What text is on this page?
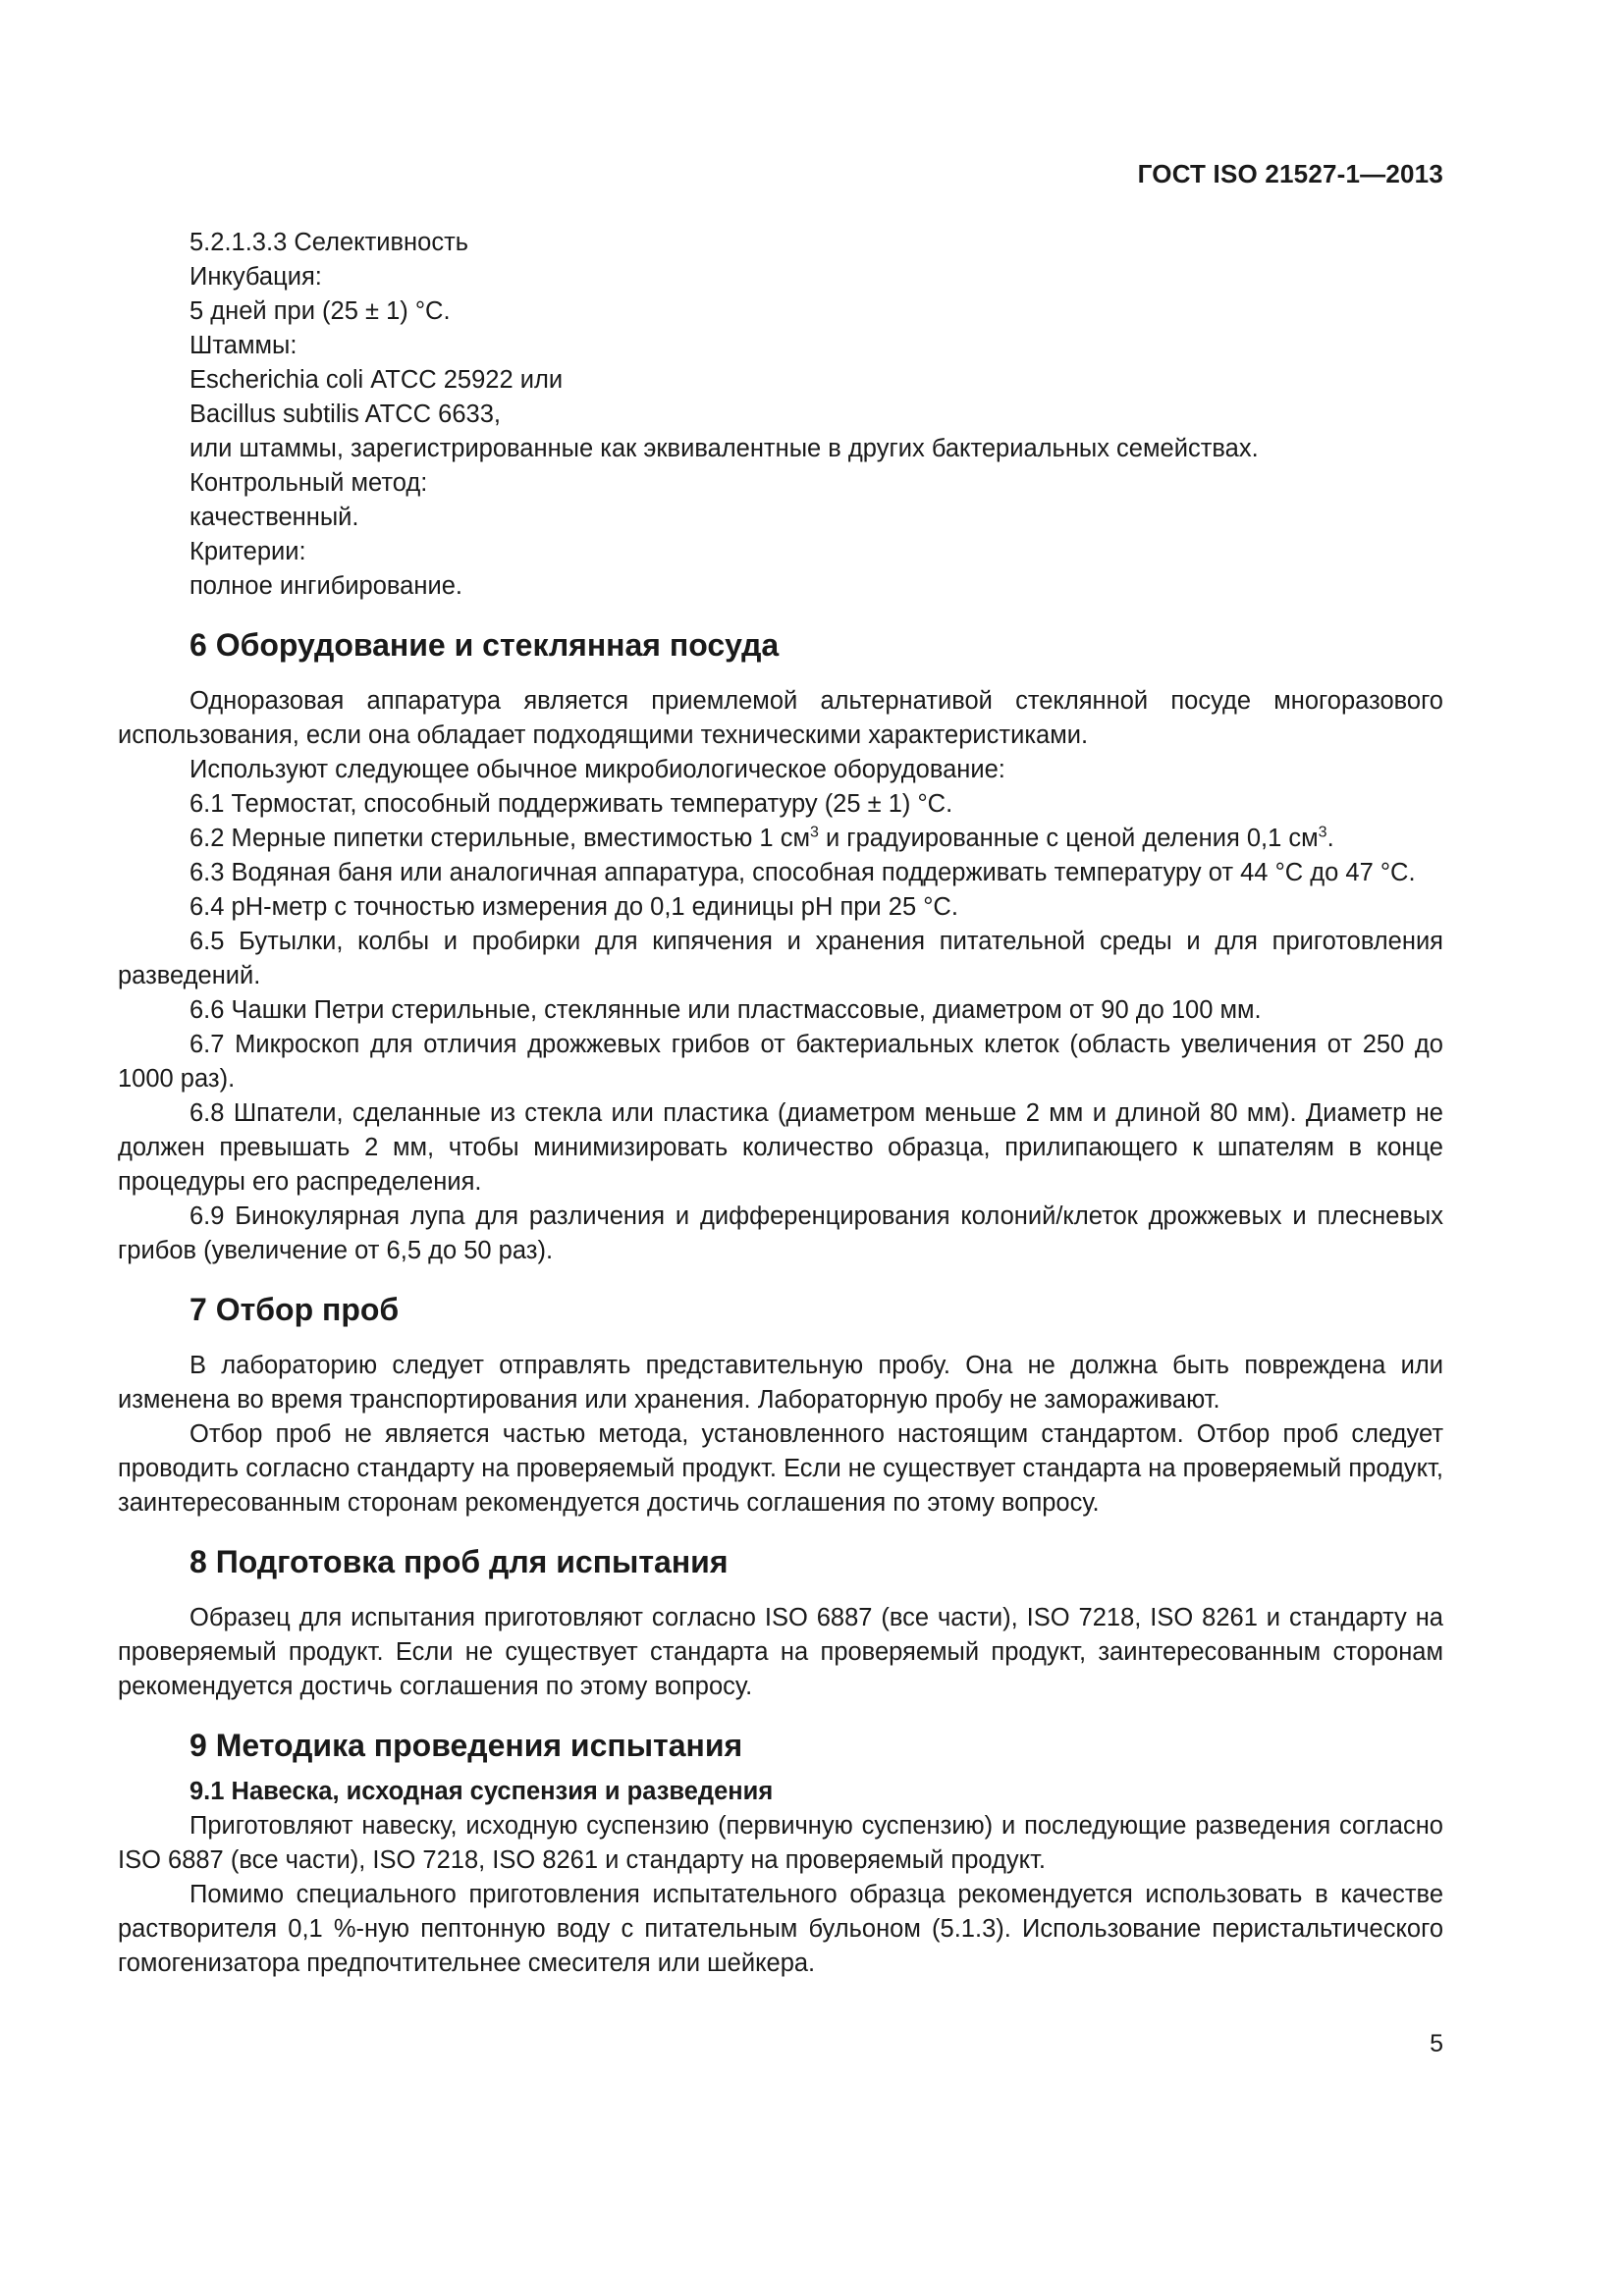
ГОСТ ISO 21527-1—2013

5.2.1.3.3 Селективность

Инкубация:

5 дней при (25 ± 1) °С.

Штаммы:

Escherichia coli АТСС 25922 или

Bacillus subtilis ATCC 6633,

или штаммы, зарегистрированные как эквивалентные в других бактериальных семействах.

Контрольный метод:

качественный.

Критерии:

полное ингибирование.

6 Оборудование и стеклянная посуда

Одноразовая аппаратура является приемлемой альтернативой стеклянной посуде многоразового использования, если она обладает подходящими техническими характеристиками.

Используют следующее обычное микробиологическое оборудование:

6.1 Термостат, способный поддерживать температуру (25 ± 1) °С.

6.2 Мерные пипетки стерильные, вместимостью 1 $см^3$ и градуированные с ценой деления 0,1 $см^3$.

6.3 Водяная баня или аналогичная аппаратура, способная поддерживать температуру от 44 °С до 47 °С.

6.4 рН-метр с точностью измерения до 0,1 единицы рН при 25 °С.

6.5 Бутылки, колбы и пробирки для кипячения и хранения питательной среды и для приготовления разведений.

6.6 Чашки Петри стерильные, стеклянные или пластмассовые, диаметром от 90 до 100 мм.

6.7 Микроскоп для отличия дрожжевых грибов от бактериальных клеток (область увеличения от 250 до 1000 раз).

6.8 Шпатели, сделанные из стекла или пластика (диаметром меньше 2 мм и длиной 80 мм). Диаметр не должен превышать 2 мм, чтобы минимизировать количество образца, прилипающего к шпателям в конце процедуры его распределения.

6.9 Бинокулярная лупа для различения и дифференцирования колоний/клеток дрожжевых и плесневых грибов (увеличение от 6,5 до 50 раз).

7 Отбор проб

В лабораторию следует отправлять представительную пробу. Она не должна быть повреждена или изменена во время транспортирования или хранения. Лабораторную пробу не замораживают.

Отбор проб не является частью метода, установленного настоящим стандартом. Отбор проб следует проводить согласно стандарту на проверяемый продукт. Если не существует стандарта на проверяемый продукт, заинтересованным сторонам рекомендуется достичь соглашения по этому вопросу.

8 Подготовка проб для испытания

Образец для испытания приготовляют согласно ISO 6887 (все части), ISO 7218, ISO 8261 и стандарту на проверяемый продукт. Если не существует стандарта на проверяемый продукт, заинтересованным сторонам рекомендуется достичь соглашения по этому вопросу.

9 Методика проведения испытания
9.1 Навеска, исходная суспензия и разведения

Приготовляют навеску, исходную суспензию (первичную суспензию) и последующие разведения согласно ISO 6887 (все части), ISO 7218, ISO 8261 и стандарту на проверяемый продукт.

Помимо специального приготовления испытательного образца рекомендуется использовать в качестве растворителя 0,1 %-ную пептонную воду с питательным бульоном (5.1.3). Использование перистальтического гомогенизатора предпочтительнее смесителя или шейкера.

5
